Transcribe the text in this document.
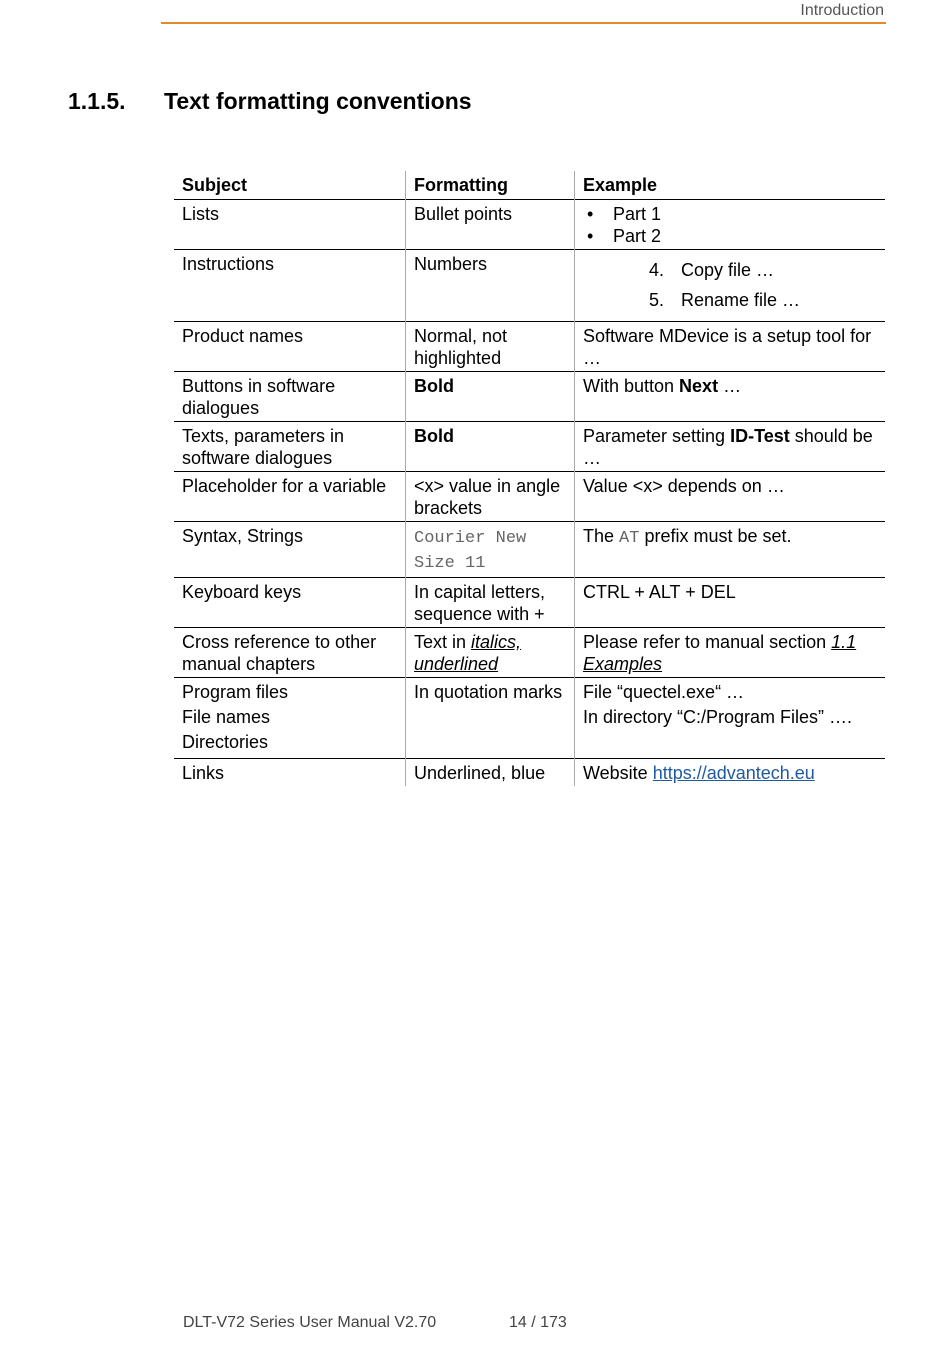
Introduction
1.1.5. Text formatting conventions
Subject	Formatting	Example
Lists	Bullet points	• Part 1
• Part 2

Instructions	Numbers	4. Copy file …
5. Rename file …

Product names	Normal, not highlighted	Software MDevice is a setup tool for …
Buttons in software dialogues	Bold	With button Next …
Texts, parameters in software dialogues	Bold	Parameter setting ID-Test should be …
Placeholder for a variable	<x> value in angle brackets	Value <x> depends on …
Syntax, Strings	Courier New Size 11	The AT prefix must be set.
Keyboard keys	In capital letters, sequence with +	CTRL + ALT + DEL
Cross reference to other manual chapters	Text in italics, underlined	Please refer to manual section 1.1 Examples

Program files
File names
Directories	In quotation marks	File “quectel.exe“ …
In directory “C:/Program Files” ….

Links	Underlined, blue	Website https://advantech.eu
DLT-V72 Series User Manual V2.70	14 / 173
